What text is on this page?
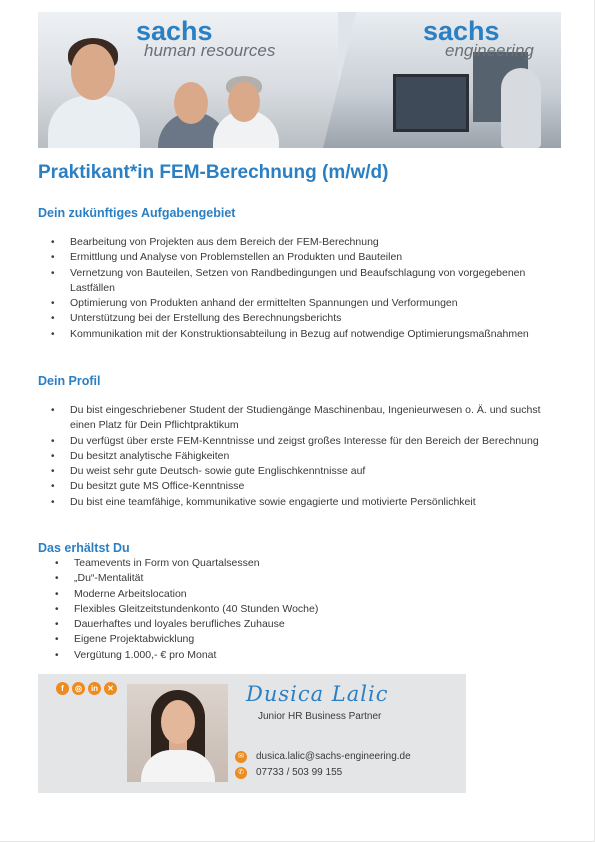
sachs
human resources
sachs
engineering
Praktikant*in FEM-Berechnung (m/w/d)
Dein zukünftiges Aufgabengebiet
• Bearbeitung von Projekten aus dem Bereich der FEM-Berechnung
• Ermittlung und Analyse von Problemstellen an Produkten und Bauteilen
• Vernetzung von Bauteilen, Setzen von Randbedingungen und Beaufschlagung von vorgegebenen Lastfällen
• Optimierung von Produkten anhand der ermittelten Spannungen und Verformungen
• Unterstützung bei der Erstellung des Berechnungsberichts
• Kommunikation mit der Konstruktionsabteilung in Bezug auf notwendige Optimierungsmaßnahmen
Dein Profil
• Du bist eingeschriebener Student der Studiengänge Maschinenbau, Ingenieurwesen o. Ä. und suchst einen Platz für Dein Pflichtpraktikum
• Du verfügst über erste FEM-Kenntnisse und zeigst großes Interesse für den Bereich der Berechnung
• Du besitzt analytische Fähigkeiten
• Du weist sehr gute Deutsch- sowie gute Englischkenntnisse auf
• Du besitzt gute MS Office-Kenntnisse
• Du bist eine teamfähige, kommunikative sowie engagierte und motivierte Persönlichkeit
Das erhältst Du
• Teamevents in Form von Quartalsessen
• „Du“-Mentalität
• Moderne Arbeitslocation
• Flexibles Gleitzeitstundenkonto (40 Stunden Woche)
• Dauerhaftes und loyales berufliches Zuhause
• Eigene Projektabwicklung
• Vergütung 1.000,- € pro Monat
f	◎	in	✕	Dusica Lalic
Junior HR Business Partner
✉	dusica.lalic@sachs-engineering.de
✆	07733 / 503 99 155
